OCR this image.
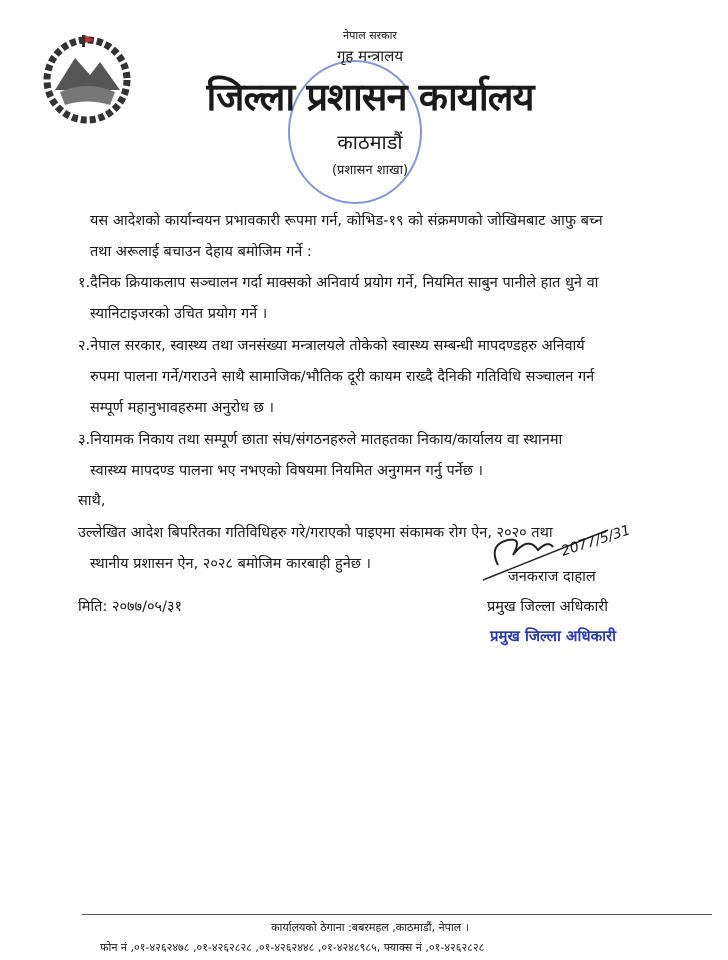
नेपाल सरकार
गृह मन्त्रालय
जिल्ला प्रशासन कार्यालय
काठमाडौं
(प्रशासन शाखा)
यस आदेशको कार्यान्वयन प्रभावकारी रूपमा गर्न, कोभिड-१९ को संक्रमणको जोखिमबाट आफु बच्न
तथा अरूलाई बचाउन देहाय बमोजिम गर्ने :
१.दैनिक क्रियाकलाप सञ्चालन गर्दा माक्सको अनिवार्य प्रयोग गर्ने, नियमित साबुन पानीले हात धुने वा
स्यानिटाइजरको उचित प्रयोग गर्ने ।
२.नेपाल सरकार, स्वास्थ्य तथा जनसंख्या मन्त्रालयले तोकेको स्वास्थ्य सम्बन्धी मापदण्डहरु अनिवार्य
रुपमा पालना गर्ने/गराउने साथै सामाजिक/भौतिक दूरी कायम राख्दै दैनिकी गतिविधि सञ्चालन गर्न
सम्पूर्ण महानुभावहरुमा अनुरोध छ ।
३.नियामक निकाय तथा सम्पूर्ण छाता संघ/संगठनहरुले मातहतका निकाय/कार्यालय वा स्थानमा
स्वास्थ्य मापदण्ड पालना भए नभएको विषयमा नियमित अनुगमन गर्नु पर्नेछ ।
साथै,
उल्लेखित आदेश बिपरितका गतिविधिहरु गरे/गराएको पाइएमा संकामक रोग ऐन, २०२० तथा
स्थानीय प्रशासन ऐन, २०२८ बमोजिम कारबाही हुनेछ ।
मिति: २०७७/०५/३१
2077/5/31
जनकराज दाहाल
प्रमुख जिल्ला अधिकारी
प्रमुख जिल्ला अधिकारी
कार्यालयको ठेगाना :बबरमहल ,काठमाडौं, नेपाल ।
फोन नं ,०१-४२६२४७८ ,०१-४२६२८२८ ,०१-४२६२४४८ ,०१-४२४८९८५, फ्याक्स नं ,०१-४२६२८२८
